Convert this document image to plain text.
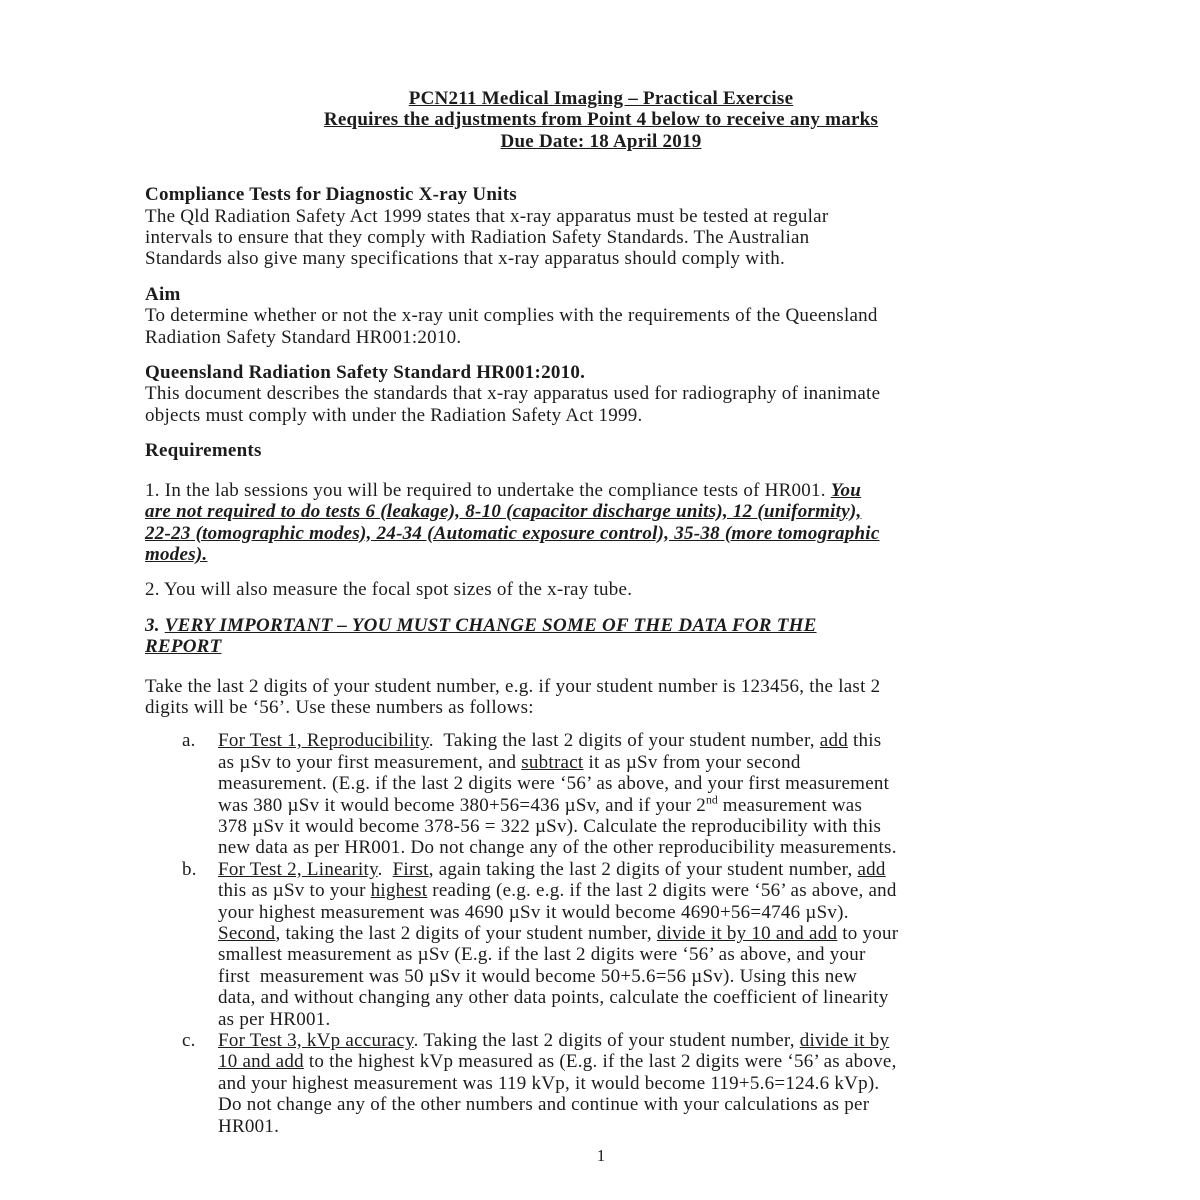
PCN211 Medical Imaging – Practical Exercise
Requires the adjustments from Point 4 below to receive any marks
Due Date: 18 April 2019
Compliance Tests for Diagnostic X-ray Units
The Qld Radiation Safety Act 1999 states that x-ray apparatus must be tested at regular
intervals to ensure that they comply with Radiation Safety Standards. The Australian
Standards also give many specifications that x-ray apparatus should comply with.
Aim
To determine whether or not the x-ray unit complies with the requirements of the Queensland
Radiation Safety Standard HR001:2010.
Queensland Radiation Safety Standard HR001:2010.
This document describes the standards that x-ray apparatus used for radiography of inanimate
objects must comply with under the Radiation Safety Act 1999.
Requirements
1. In the lab sessions you will be required to undertake the compliance tests of HR001. You
are not required to do tests 6 (leakage), 8-10 (capacitor discharge units), 12 (uniformity),
22-23 (tomographic modes), 24-34 (Automatic exposure control), 35-38 (more tomographic
modes).
2. You will also measure the focal spot sizes of the x-ray tube.
3. VERY IMPORTANT – YOU MUST CHANGE SOME OF THE DATA FOR THE
REPORT
Take the last 2 digits of your student number, e.g. if your student number is 123456, the last 2
digits will be ‘56’. Use these numbers as follows:
a. For Test 1, Reproducibility.  Taking the last 2 digits of your student number, add this
as µSv to your first measurement, and subtract it as µSv from your second
measurement. (E.g. if the last 2 digits were ‘56’ as above, and your first measurement
was 380 µSv it would become 380+56=436 µSv, and if your 2nd measurement was
378 µSv it would become 378-56 = 322 µSv). Calculate the reproducibility with this
new data as per HR001. Do not change any of the other reproducibility measurements.
b. For Test 2, Linearity.  First, again taking the last 2 digits of your student number, add
this as µSv to your highest reading (e.g. e.g. if the last 2 digits were ‘56’ as above, and
your highest measurement was 4690 µSv it would become 4690+56=4746 µSv).
Second, taking the last 2 digits of your student number, divide it by 10 and add to your
smallest measurement as µSv (E.g. if the last 2 digits were ‘56’ as above, and your
first  measurement was 50 µSv it would become 50+5.6=56 µSv). Using this new
data, and without changing any other data points, calculate the coefficient of linearity
as per HR001.
c. For Test 3, kVp accuracy. Taking the last 2 digits of your student number, divide it by
10 and add to the highest kVp measured as (E.g. if the last 2 digits were ‘56’ as above,
and your highest measurement was 119 kVp, it would become 119+5.6=124.6 kVp).
Do not change any of the other numbers and continue with your calculations as per
HR001.
1
